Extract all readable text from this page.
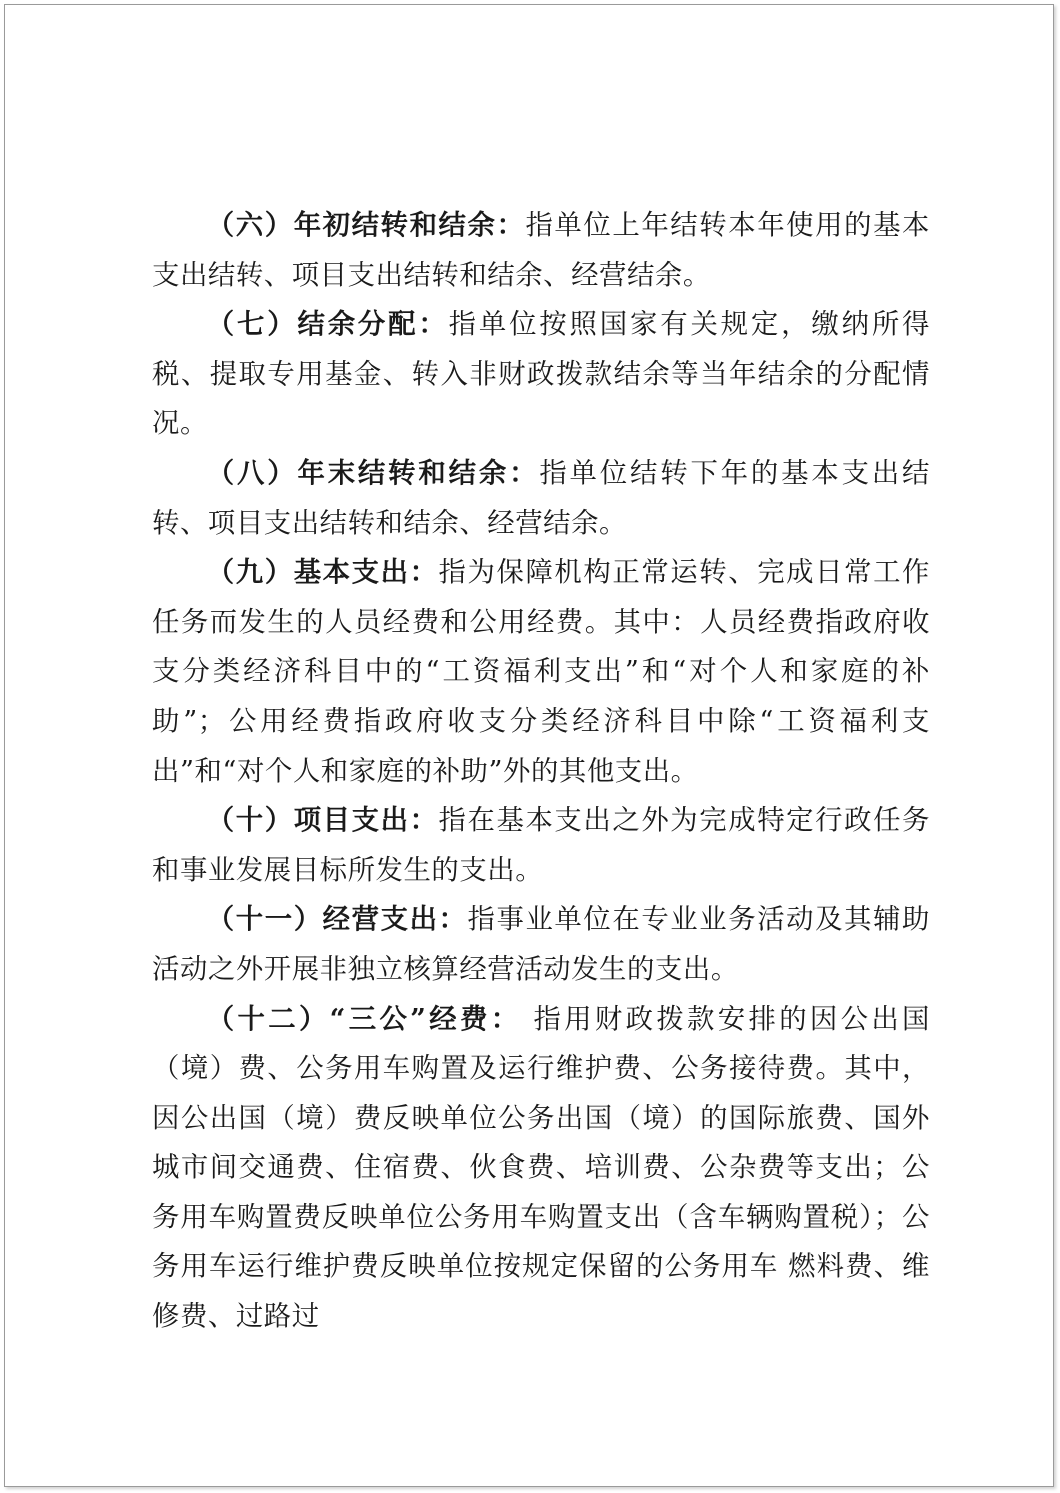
（六）年初结转和结余：指单位上年结转本年使用的基本支出结转、项目支出结转和结余、经营结余。

（七）结余分配：指单位按照国家有关规定，缴纳所得税、提取专用基金、转入非财政拨款结余等当年结余的分配情况。

（八）年末结转和结余：指单位结转下年的基本支出结转、项目支出结转和结余、经营结余。

（九）基本支出：指为保障机构正常运转、完成日常工作任务而发生的人员经费和公用经费。其中：人员经费指政府收支分类经济科目中的“工资福利支出”和“对个人和家庭的补助”；公用经费指政府收支分类经济科目中除“工资福利支出”和“对个人和家庭的补助”外的其他支出。

（十）项目支出：指在基本支出之外为完成特定行政任务和事业发展目标所发生的支出。

（十一）经营支出：指事业单位在专业业务活动及其辅助活动之外开展非独立核算经营活动发生的支出。

（十二）“三公”经费： 指用财政拨款安排的因公出国（境）费、公务用车购置及运行维护费、公务接待费。其中，因公出国（境）费反映单位公务出国（境）的国际旅费、国外城市间交通费、住宿费、伙食费、培训费、公杂费等支出；公务用车购置费反映单位公务用车购置支出（含车辆购置税）；公务用车运行维护费反映单位按规定保留的公务用车 燃料费、维修费、过路过
